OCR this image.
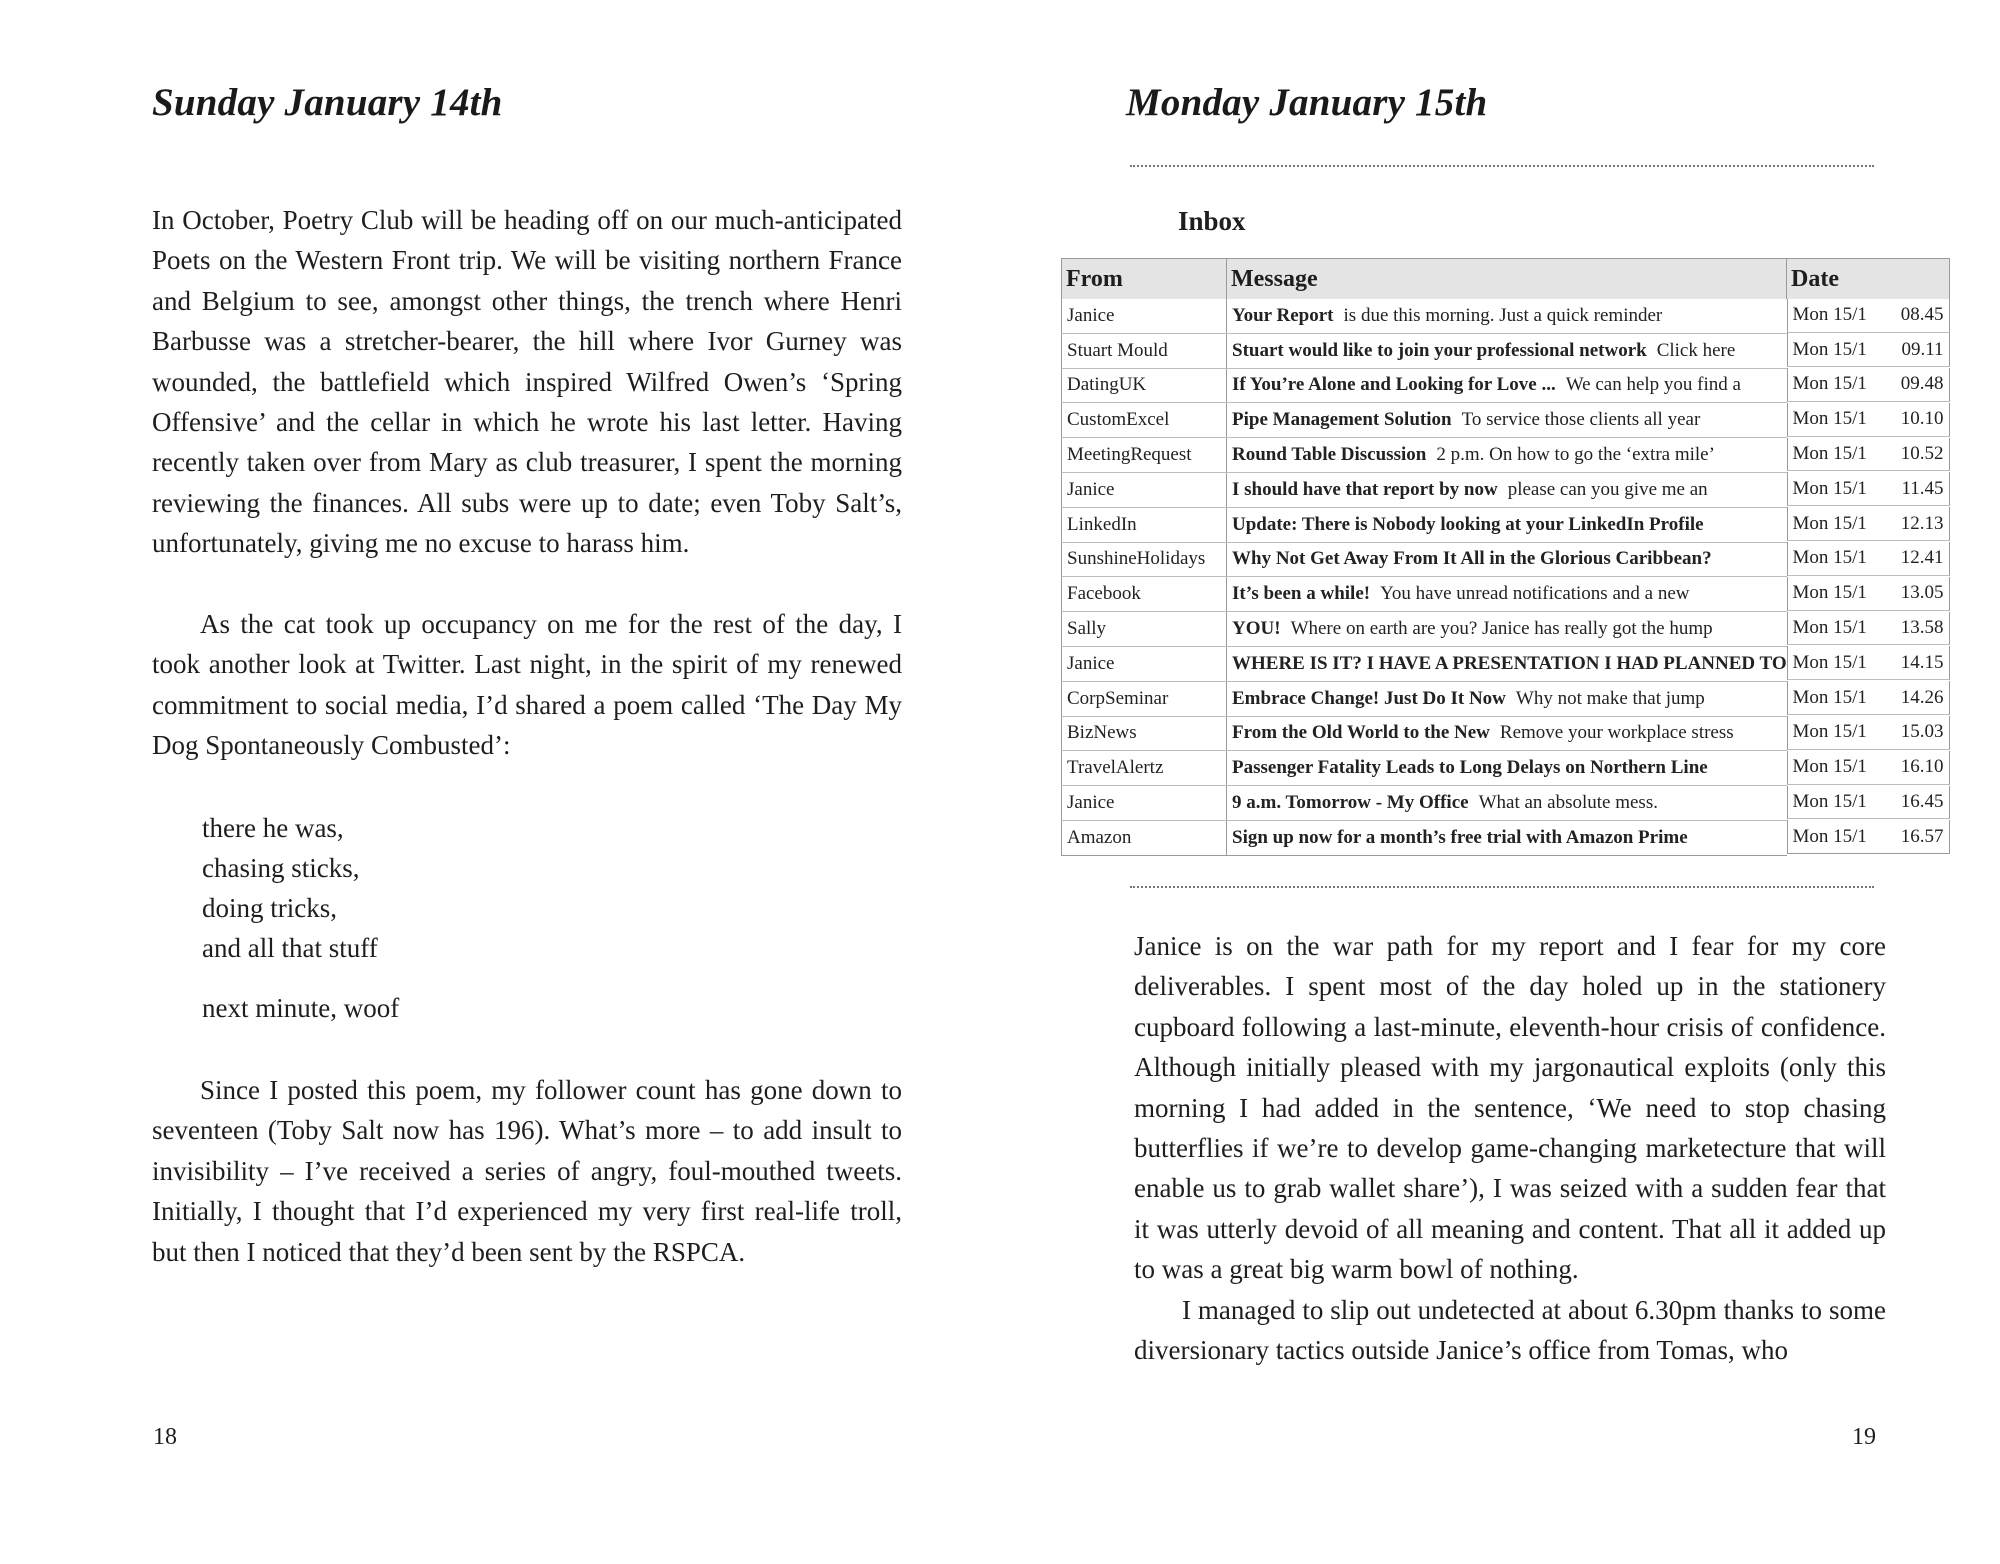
Sunday January 14th

In October, Poetry Club will be heading off on our much-anticipated Poets on the Western Front trip. We will be visiting northern France and Belgium to see, amongst other things, the trench where Henri Barbusse was a stretcher-bearer, the hill where Ivor Gurney was wounded, the battlefield which inspired Wilfred Owen’s ‘Spring Offensive’ and the cellar in which he wrote his last letter. Having recently taken over from Mary as club treasurer, I spent the morning reviewing the finances. All subs were up to date; even Toby Salt’s, unfortunately, giving me no excuse to harass him.

As the cat took up occupancy on me for the rest of the day, I took another look at Twitter. Last night, in the spirit of my renewed commitment to social media, I’d shared a poem called ‘The Day My Dog Spontaneously Combusted’:

there he was,
chasing sticks,
doing tricks,
and all that stuff
next minute, woof

Since I posted this poem, my follower count has gone down to seventeen (Toby Salt now has 196). What’s more – to add insult to invisibility – I’ve received a series of angry, foul-mouthed tweets. Initially, I thought that I’d experienced my very first real-life troll, but then I noticed that they’d been sent by the RSPCA.

18
Monday January 15th
Inbox
From	Message	Date
Janice	Your Report is due this morning. Just a quick reminder		Mon 15/1 08.45

Stuart Mould	Stuart would like to join your professional network Click here		Mon 15/1 09.11

DatingUK	If You’re Alone and Looking for Love ... We can help you find a		Mon 15/1 09.48

CustomExcel	Pipe Management Solution To service those clients all year		Mon 15/1 10.10

MeetingRequest	Round Table Discussion 2 p.m. On how to go the ‘extra mile’		Mon 15/1 10.52

Janice	I should have that report by now please can you give me an		Mon 15/1 11.45

LinkedIn	Update: There is Nobody looking at your LinkedIn Profile		Mon 15/1 12.13

SunshineHolidays	Why Not Get Away From It All in the Glorious Caribbean?		Mon 15/1 12.41

Facebook	It’s been a while! You have unread notifications and a new		Mon 15/1 13.05

Sally	YOU! Where on earth are you? Janice has really got the hump		Mon 15/1 13.58

Janice	WHERE IS IT? I HAVE A PRESENTATION I HAD PLANNED TO	Mon 15/1 14.15

CorpSeminar	Embrace Change! Just Do It Now Why not make that jump		Mon 15/1 14.26

BizNews	From the Old World to the New Remove your workplace stress		Mon 15/1 15.03

TravelAlertz	Passenger Fatality Leads to Long Delays on Northern Line		Mon 15/1 16.10

Janice	9 a.m. Tomorrow - My Office What an absolute mess.		Mon 15/1 16.45

Amazon	Sign up now for a month’s free trial with Amazon Prime		Mon 15/1 16.57

Janice is on the war path for my report and I fear for my core deliverables. I spent most of the day holed up in the stationery cupboard following a last-minute, eleventh-hour crisis of confidence. Although initially pleased with my jargonautical exploits (only this morning I had added in the sentence, ‘We need to stop chasing butterflies if we’re to develop game-changing marketecture that will enable us to grab wallet share’), I was seized with a sudden fear that it was utterly devoid of all meaning and content. That all it added up to was a great big warm bowl of nothing.

I managed to slip out undetected at about 6.30pm thanks to some diversionary tactics outside Janice’s office from Tomas, who

19
